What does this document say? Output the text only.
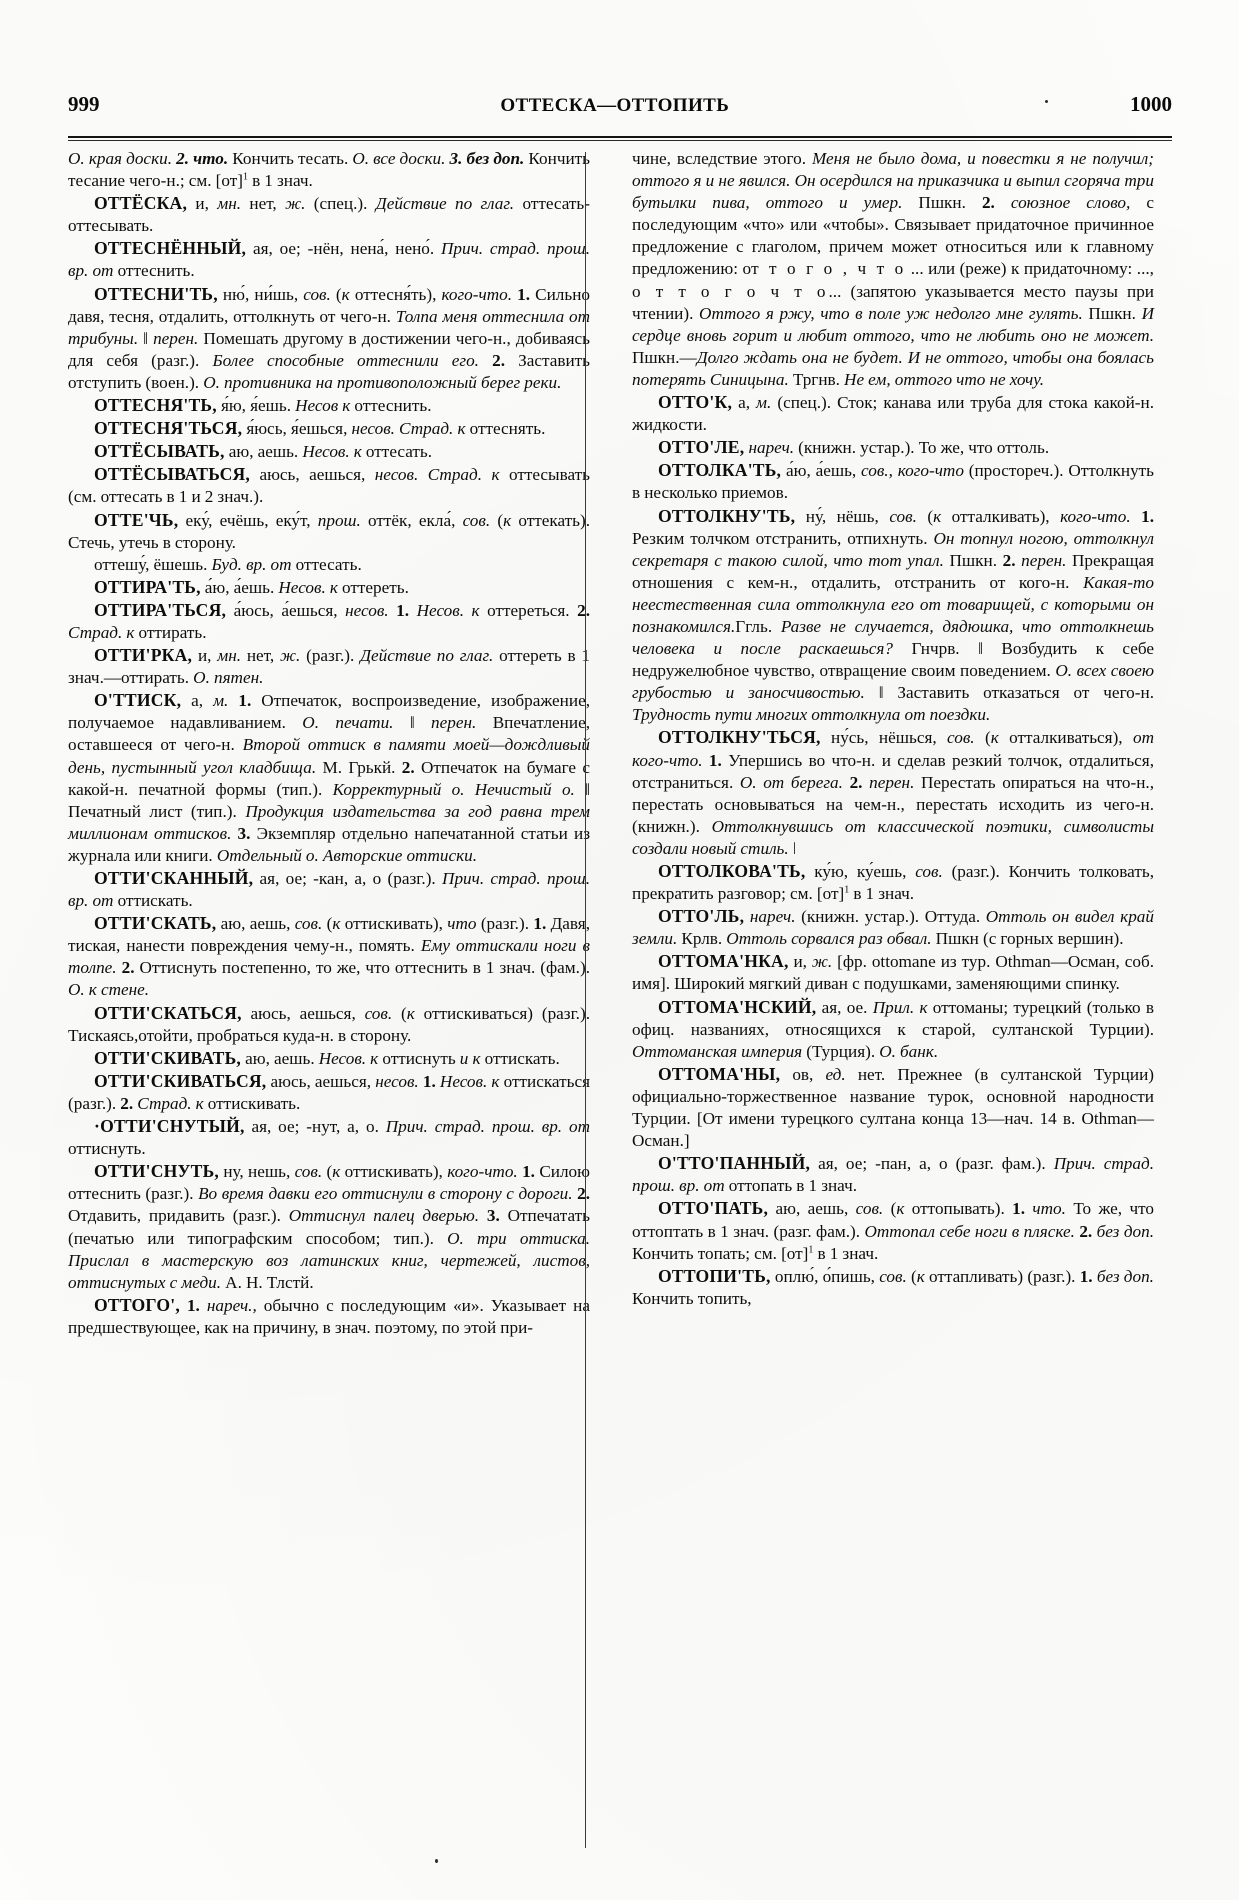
999	ОТТЕСКА—ОТТОПИТЬ	1000

О. края доски. 2. что. Кончить тесать. О. все доски. 3. без доп. Кончить тесание чего-н.; см. [от]$^1$ в 1 знач.

ОТТЁСКА, и, мн. нет, ж. (спец.). Действие по глаг. оттесать-оттесывать.

ОТТЕСНЁННЫЙ, ая, ое; -нён, нена́, нено́. Прич. страд. прош. вр. от оттеснить.

ОТТЕСНИ'ТЬ, ню́, ни́шь, сов. (к оттесня́ть), кого-что. 1. Сильно давя, тесня, отдалить, оттолкнуть от чего-н. Толпа меня оттеснила от трибуны. ǁ перен. Помешать другому в достижении чего-н., добиваясь для себя (разг.). Более способные оттеснили его. 2. Заставить отступить (воен.). О. противника на противоположный берег реки.

ОТТЕСНЯ'ТЬ, я́ю, я́ешь. Несов к оттеснить.

ОТТЕСНЯ'ТЬСЯ, я́юсь, я́ешься, несов. Страд. к оттеснять.

ОТТЁСЫВАТЬ, аю, аешь. Несов. к оттесать.

ОТТЁСЫВАТЬСЯ, аюсь, аешься, несов. Страд. к оттесывать (см. оттесать в 1 и 2 знач.).

ОТТЕ'ЧЬ, еку́, ечёшь, еку́т, прош. оттёк, екла́, сов. (к оттекать). Стечь, утечь в сторону.

оттешу́, ёшешь. Буд. вр. от оттесать.

ОТТИРА'ТЬ, а́ю, а́ешь. Несов. к оттереть.

ОТТИРА'ТЬСЯ, а́юсь, а́ешься, несов. 1. Несов. к оттереться. 2. Страд. к оттирать.

ОТТИ'РКА, и, мн. нет, ж. (разг.). Действие по глаг. оттереть в 1 знач.—оттирать. О. пятен.

О'ТТИСК, а, м. 1. Отпечаток, воспроизведение, изображение, получаемое надавливанием. О. печати. ǁ перен. Впечатление, оставшееся от чего-н. Второй оттиск в памяти моей—дождливый день, пустынный угол кладбища. М. Грькй. 2. Отпечаток на бумаге с какой-н. печатной формы (тип.). Корректурный о. Нечистый о. ǁ Печатный лист (тип.). Продукция издательства за год равна трем миллионам оттисков. 3. Экземпляр отдельно напечатанной статьи из журнала или книги. Отдельный о. Авторские оттиски.

ОТТИ'СКАННЫЙ, ая, ое; -кан, а, о (разг.). Прич. страд. прош. вр. от оттискать.

ОТТИ'СКАТЬ, аю, аешь, сов. (к оттискивать), что (разг.). 1. Давя, тиская, нанести повреждения чему-н., помять. Ему оттискали ноги в толпе. 2. Оттиснуть постепенно, то же, что оттеснить в 1 знач. (фам.). О. к стене.

ОТТИ'СКАТЬСЯ, аюсь, аешься, сов. (к оттискиваться) (разг.). Тискаясь,отойти, пробраться куда-н. в сторону.

ОТТИ'СКИВАТЬ, аю, аешь. Несов. к оттиснуть и к оттискать.

ОТТИ'СКИВАТЬСЯ, аюсь, аешься, несов. 1. Несов. к оттискаться (разг.). 2. Страд. к оттискивать.

·ОТТИ'СНУТЫЙ, ая, ое; -нут, а, о. Прич. страд. прош. вр. от оттиснуть.

ОТТИ'СНУТЬ, ну, нешь, сов. (к оттискивать), кого-что. 1. Силою оттеснить (разг.). Во время давки его оттиснули в сторону с дороги. 2. Отдавить, придавить (разг.). Оттиснул палец дверью. 3. Отпечатать (печатью или типографским способом; тип.). О. три оттиска. Прислал в мастерскую воз латинских книг, чертежей, листов, оттиснутых с меди. А. Н. Тлстй.

ОТТОГО', 1. нареч., обычно с последующим «и». Указывает на предшествующее, как на причину, в знач. поэтому, по этой при-

чине, вследствие этого. Меня не было дома, и повестки я не получил; оттого я и не явился. Он осердился на приказчика и выпил сгоряча три бутылки пива, оттого и умер. Пшкн. 2. союзное слово, с последующим «что» или «чтобы». Связывает придаточное причинное предложение с глаголом, причем может относиться или к главному предложению: от т о г о , ч т о ... или (реже) к придаточному: ..., о т т о г о ч т о... (запятою указывается место паузы при чтении). Оттого я ржу, что в поле уж недолго мне гулять. Пшкн. И сердце вновь горит и любит оттого, что не любить оно не может. Пшкн.—Долго ждать она не будет. И не оттого, чтобы она боялась потерять Синицына. Тргнв. Не ем, оттого что не хочу.

ОТТО'К, а, м. (спец.). Сток; канава или труба для стока какой-н. жидкости.

ОТТО'ЛЕ, нареч. (книжн. устар.). То же, что оттоль.

ОТТОЛКА'ТЬ, а́ю, а́ешь, сов., кого-что (простореч.). Оттолкнуть в несколько приемов.

ОТТОЛКНУ'ТЬ, ну́, нёшь, сов. (к отталкивать), кого-что. 1. Резким толчком отстранить, отпихнуть. Он топнул ногою, оттолкнул секретаря с такою силой, что тот упал. Пшкн. 2. перен. Прекращая отношения с кем-н., отдалить, отстранить от кого-н. Какая-то неестественная сила оттолкнула его от товарищей, с которыми он познакомился.Ггль. Разве не случается, дядюшка, что оттолкнешь человека и после раскаешься? Гнчрв. ǁ Возбудить к себе недружелюбное чувство, отвращение своим поведением. О. всех своею грубостью и заносчивостью. ǁ Заставить отказаться от чего-н. Трудность пути многих оттолкнула от поездки.

ОТТОЛКНУ'ТЬСЯ, ну́сь, нёшься, сов. (к отталкиваться), от кого-что. 1. Упершись во что-н. и сделав резкий толчок, отдалиться, отстраниться. О. от берега. 2. перен. Перестать опираться на что-н., перестать основываться на чем-н., перестать исходить из чего-н. (книжн.). Оттолкнувшись от классической поэтики, символисты создали новый стиль. ǀ

ОТТОЛКОВА'ТЬ, ку́ю, ку́ешь, сов. (разг.). Кончить толковать, прекратить разговор; см. [от]$^1$ в 1 знач.

ОТТО'ЛЬ, нареч. (книжн. устар.). Оттуда. Оттоль он видел край земли. Крлв. Оттоль сорвался раз обвал. Пшкн (с горных вершин).

ОТТОМА'НКА, и, ж. [фр. ottomane из тур. Othman—Осман, соб. имя]. Широкий мягкий диван с подушками, заменяющими спинку.

ОТТОМА'НСКИЙ, ая, ое. Прил. к оттоманы; турецкий (только в офиц. названиях, относящихся к старой, султанской Турции). Оттоманская империя (Турция). О. банк.

ОТТОМА'НЫ, ов, ед. нет. Прежнее (в султанской Турции) официально-торжественное название турок, основной народности Турции. [От имени турецкого султана конца 13—нач. 14 в. Othman—Осман.]

О'ТТО'ПАННЫЙ, ая, ое; -пан, а, о (разг. фам.). Прич. страд. прош. вр. от оттопать в 1 знач.

ОТТО'ПАТЬ, аю, аешь, сов. (к оттопывать). 1. что. То же, что оттоптать в 1 знач. (разг. фам.). Оттопал себе ноги в пляске. 2. без доп. Кончить топать; см. [от]$^1$ в 1 знач.

ОТТОПИ'ТЬ, оплю́, о́пишь, сов. (к оттапливать) (разг.). 1. без доп. Кончить топить,
